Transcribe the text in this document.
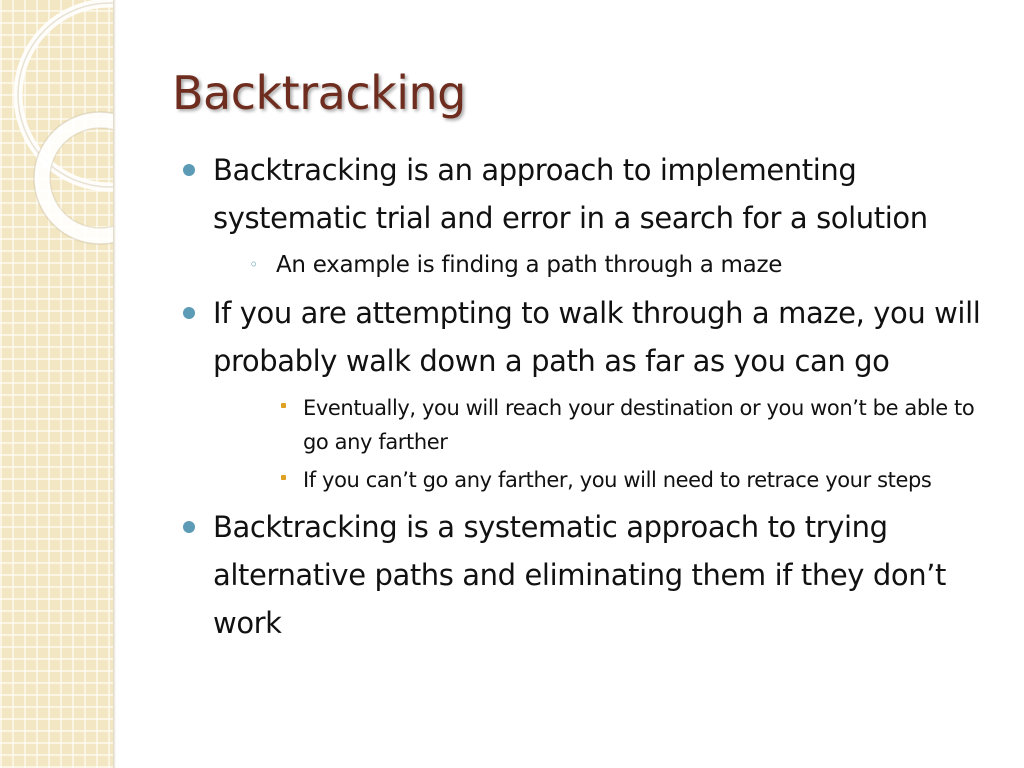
Backtracking
Backtracking is an approach to implementing systematic trial and error in a search for a solution
◦ An example is finding a path through a maze
If you are attempting to walk through a maze, you will probably walk down a path as far as you can go
Eventually, you will reach your destination or you won’t be able to go any farther
If you can’t go any farther, you will need to retrace your steps
Backtracking is a systematic approach to trying alternative paths and eliminating them if they don’t work
